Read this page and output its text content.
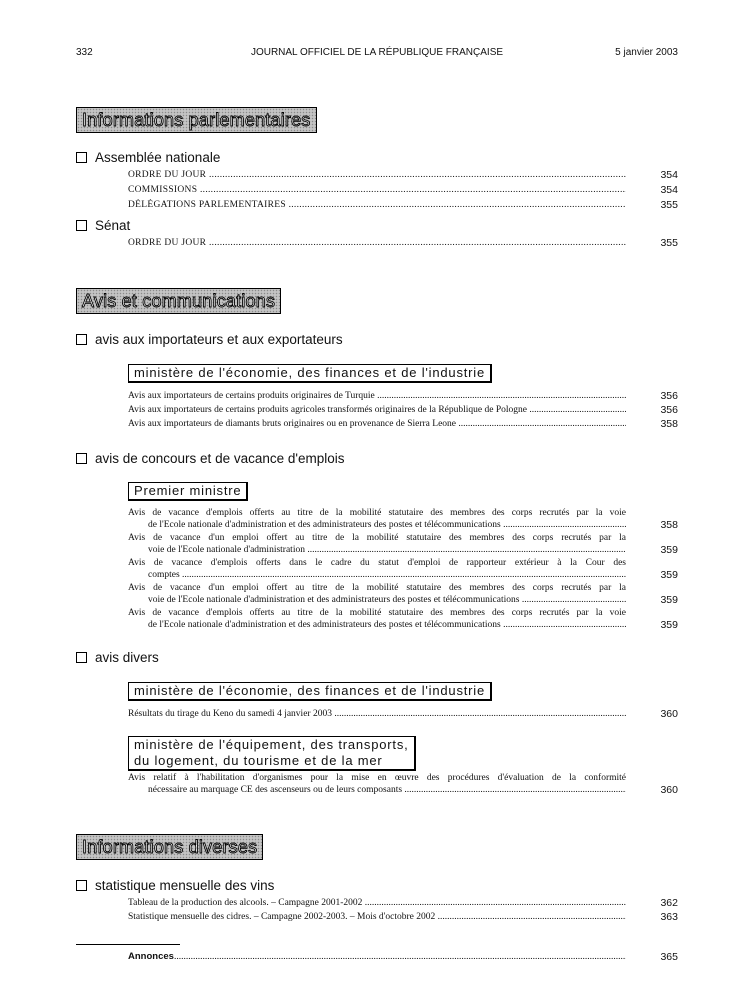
332	JOURNAL OFFICIEL DE LA RÉPUBLIQUE FRANÇAISE	5 janvier 2003
Informations parlementaires
Assemblée nationale
ORDRE DU JOUR .....	354
COMMISSIONS .....	354
DÉLÉGATIONS PARLEMENTAIRES .....	355
Sénat
ORDRE DU JOUR .....	355
Avis et communications
avis aux importateurs et aux exportateurs
ministère de l'économie, des finances et de l'industrie
Avis aux importateurs de certains produits originaires de Turquie .....	356
Avis aux importateurs de certains produits agricoles transformés originaires de la République de Pologne .....	356
Avis aux importateurs de diamants bruts originaires ou en provenance de Sierra Leone .....	358
avis de concours et de vacance d'emplois
Premier ministre
Avis de vacance d'emplois offerts au titre de la mobilité statutaire des membres des corps recrutés par la voie
de l'Ecole nationale d'administration et des administrateurs des postes et télécommunications .....	358
Avis de vacance d'un emploi offert au titre de la mobilité statutaire des membres des corps recrutés par la
voie de l'Ecole nationale d'administration .....	359
Avis de vacance d'emplois offerts dans le cadre du statut d'emploi de rapporteur extérieur à la Cour des
comptes .....	359
Avis de vacance d'un emploi offert au titre de la mobilité statutaire des membres des corps recrutés par la
voie de l'Ecole nationale d'administration et des administrateurs des postes et télécommunications .....	359
Avis de vacance d'emplois offerts au titre de la mobilité statutaire des membres des corps recrutés par la voie
de l'Ecole nationale d'administration et des administrateurs des postes et télécommunications .....	359
avis divers
ministère de l'économie, des finances et de l'industrie
Résultats du tirage du Keno du samedi 4 janvier 2003 .....	360
ministère de l'équipement, des transports,
du logement, du tourisme et de la mer
Avis relatif à l'habilitation d'organismes pour la mise en œuvre des procédures d'évaluation de la conformité
nécessaire au marquage CE des ascenseurs ou de leurs composants .....	360
Informations diverses
statistique mensuelle des vins
Tableau de la production des alcools. – Campagne 2001-2002 .....	362
Statistique mensuelle des cidres. – Campagne 2002-2003. – Mois d'octobre 2002 .....	363
Annonces .....	365
